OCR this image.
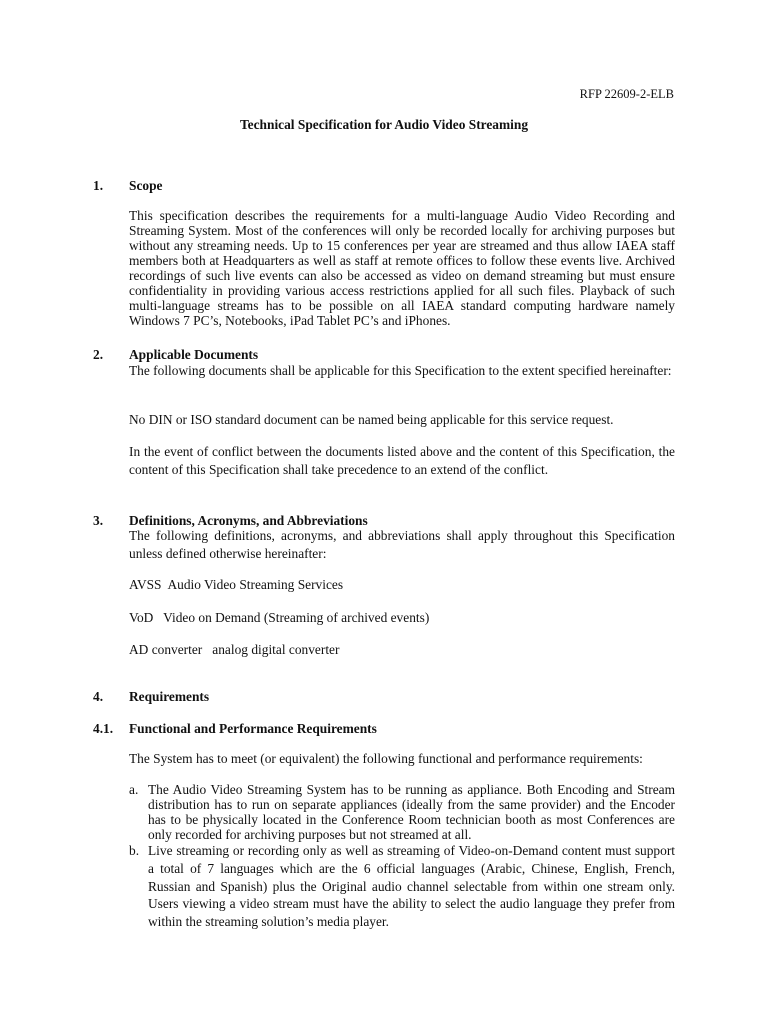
RFP 22609-2-ELB
Technical Specification for Audio Video Streaming
1. Scope
This specification describes the requirements for a multi-language Audio Video Recording and Streaming System. Most of the conferences will only be recorded locally for archiving purposes but without any streaming needs. Up to 15 conferences per year are streamed and thus allow IAEA staff members both at Headquarters as well as staff at remote offices to follow these events live. Archived recordings of such live events can also be accessed as video on demand streaming but must ensure confidentiality in providing various access restrictions applied for all such files. Playback of such multi-language streams has to be possible on all IAEA standard computing hardware namely Windows 7 PC’s, Notebooks, iPad Tablet PC’s and iPhones.
2. Applicable Documents
The following documents shall be applicable for this Specification to the extent specified hereinafter:
No DIN or ISO standard document can be named being applicable for this service request.
In the event of conflict between the documents listed above and the content of this Specification, the content of this Specification shall take precedence to an extend of the conflict.
3. Definitions, Acronyms, and Abbreviations
The following definitions, acronyms, and abbreviations shall apply throughout this Specification unless defined otherwise hereinafter:
AVSS  Audio Video Streaming Services
VoD   Video on Demand (Streaming of archived events)
AD converter   analog digital converter
4. Requirements
4.1. Functional and Performance Requirements
The System has to meet (or equivalent) the following functional and performance requirements:
a. The Audio Video Streaming System has to be running as appliance. Both Encoding and Stream distribution has to run on separate appliances (ideally from the same provider) and the Encoder has to be physically located in the Conference Room technician booth as most Conferences are only recorded for archiving purposes but not streamed at all.
b. Live streaming or recording only as well as streaming of Video-on-Demand content must support a total of 7 languages which are the 6 official languages (Arabic, Chinese, English, French, Russian and Spanish) plus the Original audio channel selectable from within one stream only. Users viewing a video stream must have the ability to select the audio language they prefer from within the streaming solution’s media player.
